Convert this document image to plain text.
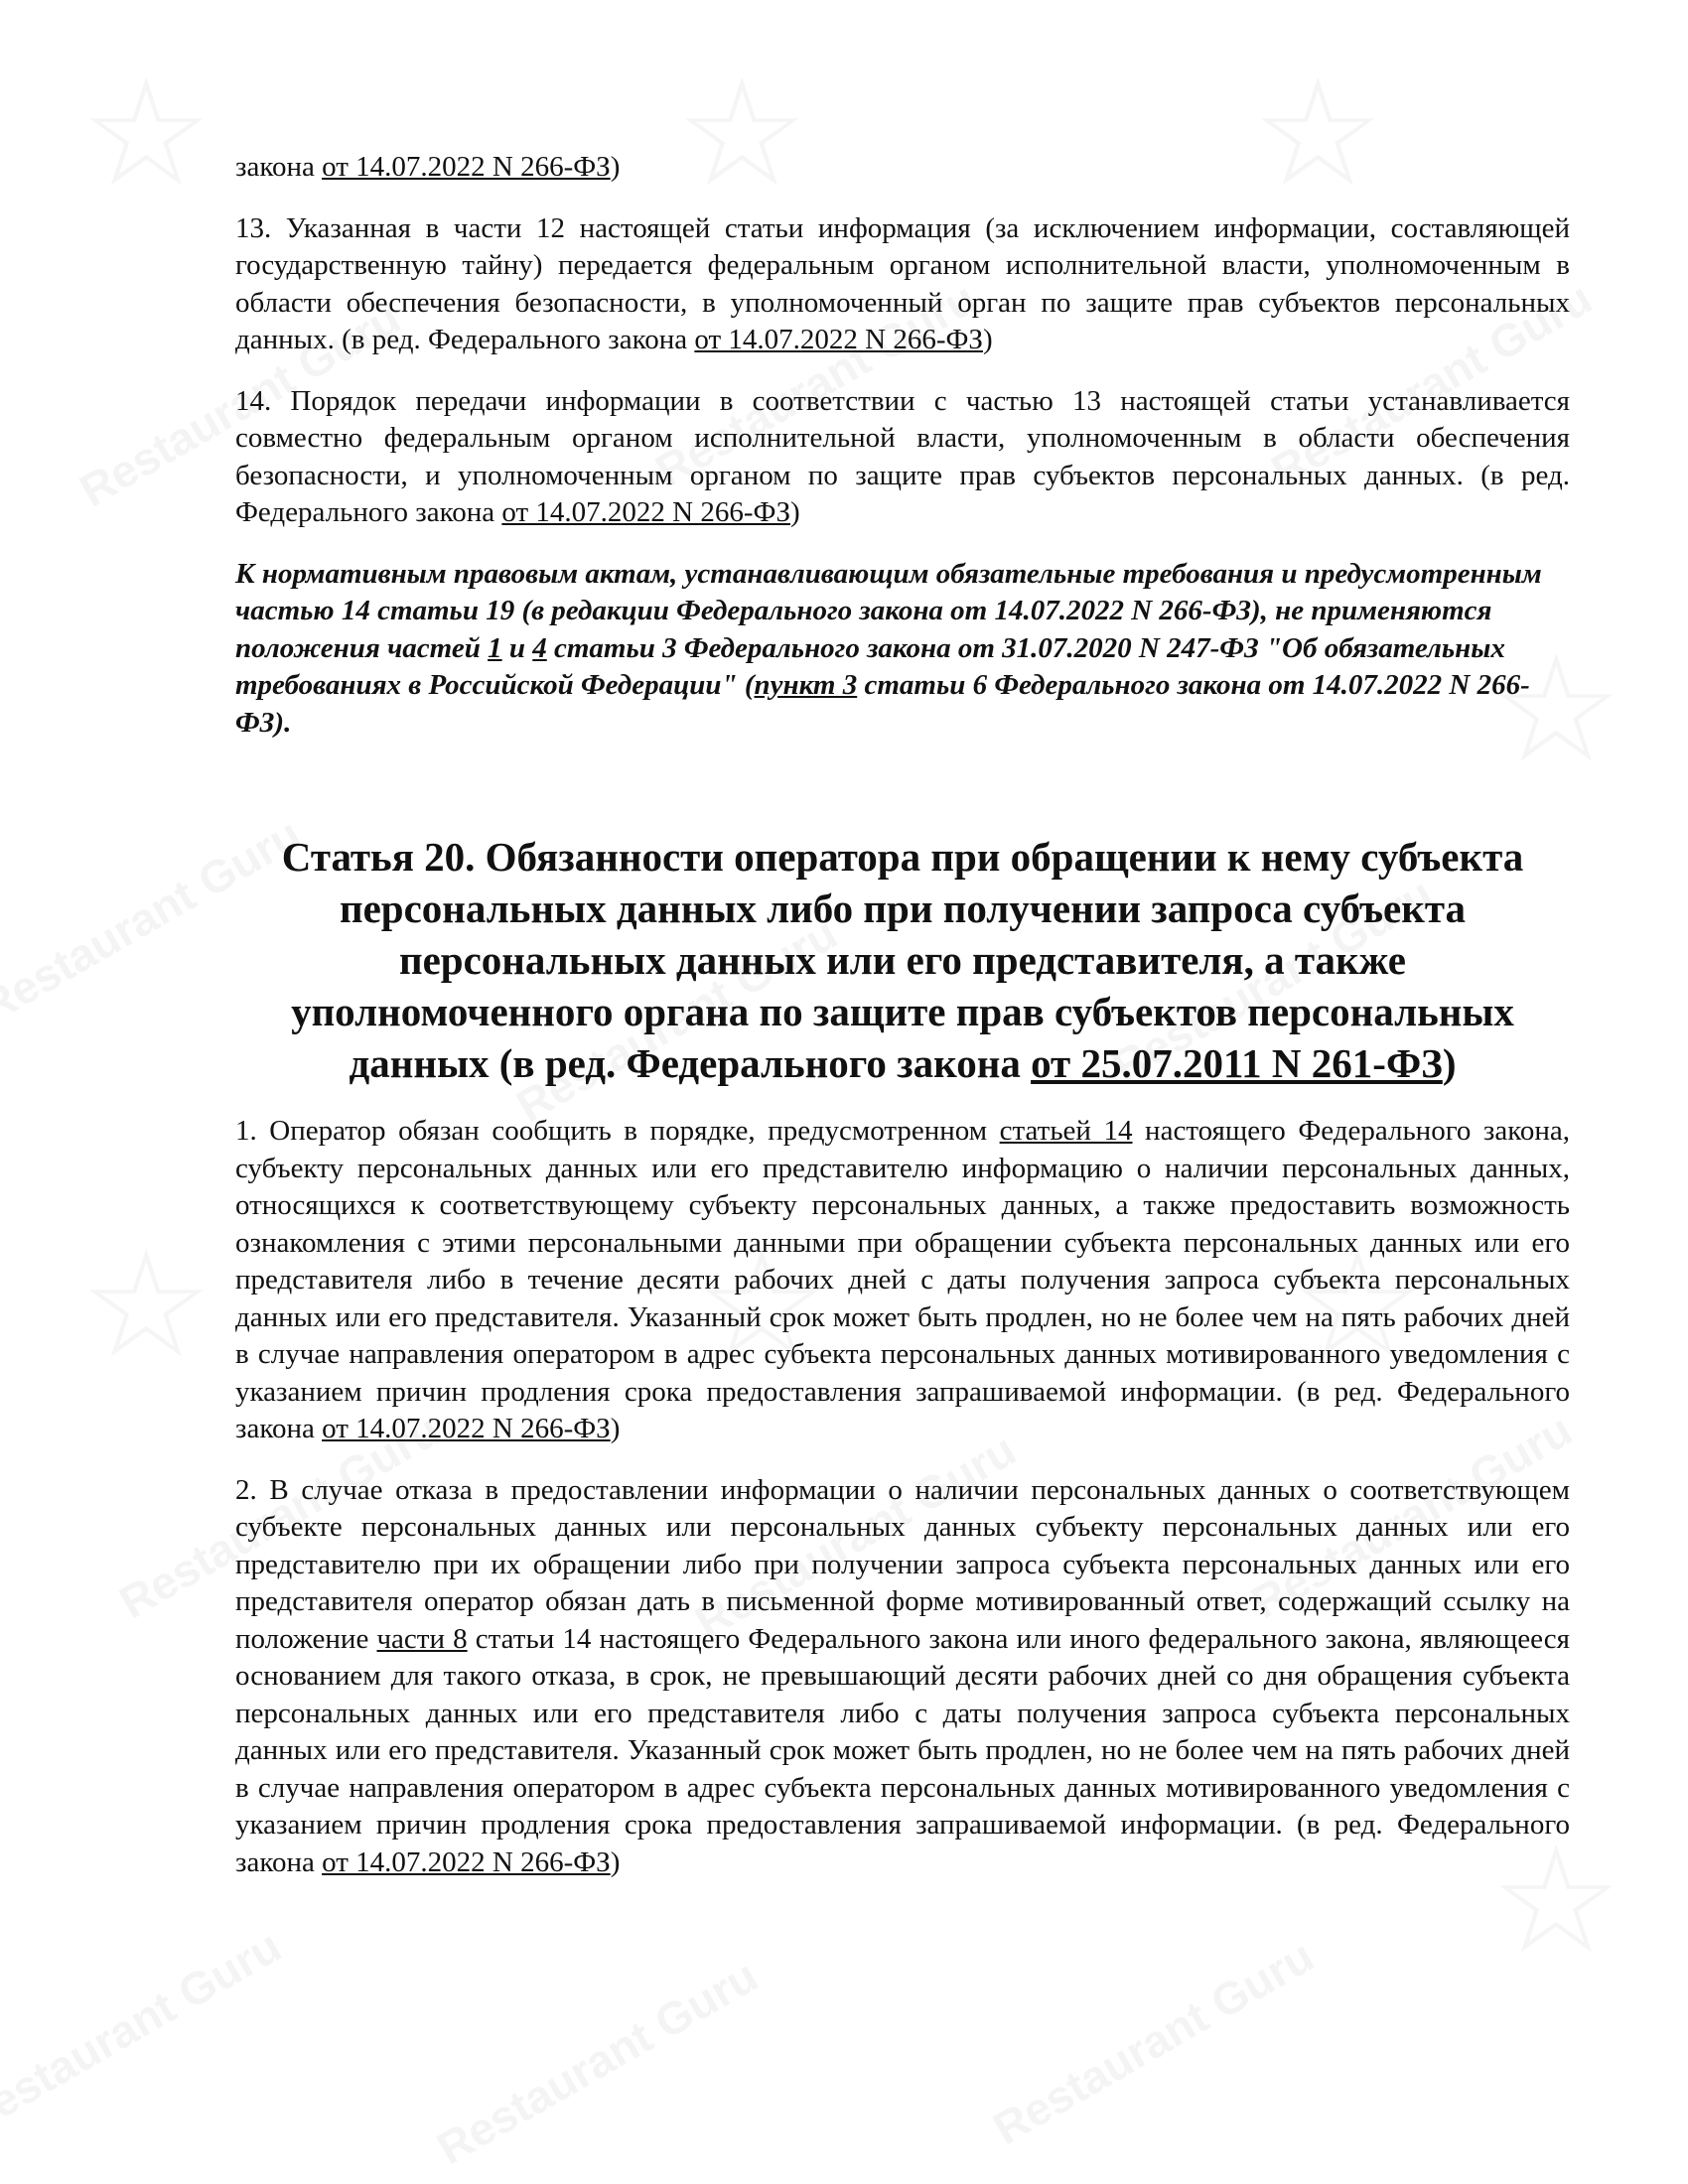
закона от 14.07.2022 N 266-ФЗ)

13. Указанная в части 12 настоящей статьи информация (за исключением информации, составляющей государственную тайну) передается федеральным органом исполнительной власти, уполномоченным в области обеспечения безопасности, в уполномоченный орган по защите прав субъектов персональных данных. (в ред. Федерального закона от 14.07.2022 N 266-ФЗ)

14. Порядок передачи информации в соответствии с частью 13 настоящей статьи устанавливается совместно федеральным органом исполнительной власти, уполномоченным в области обеспечения безопасности, и уполномоченным органом по защите прав субъектов персональных данных. (в ред. Федерального закона от 14.07.2022 N 266-ФЗ)

К нормативным правовым актам, устанавливающим обязательные требования и предусмотренным частью 14 статьи 19 (в редакции Федерального закона от 14.07.2022 N 266-ФЗ), не применяются положения частей 1 и 4 статьи 3 Федерального закона от 31.07.2020 N 247-ФЗ "Об обязательных требованиях в Российской Федерации" (пункт 3 статьи 6 Федерального закона от 14.07.2022 N 266-ФЗ).

Статья 20. Обязанности оператора при обращении к нему субъекта персональных данных либо при получении запроса субъекта персональных данных или его представителя, а также уполномоченного органа по защите прав субъектов персональных данных (в ред. Федерального закона от 25.07.2011 N 261-ФЗ)

1. Оператор обязан сообщить в порядке, предусмотренном статьей 14 настоящего Федерального закона, субъекту персональных данных или его представителю информацию о наличии персональных данных, относящихся к соответствующему субъекту персональных данных, а также предоставить возможность ознакомления с этими персональными данными при обращении субъекта персональных данных или его представителя либо в течение десяти рабочих дней с даты получения запроса субъекта персональных данных или его представителя. Указанный срок может быть продлен, но не более чем на пять рабочих дней в случае направления оператором в адрес субъекта персональных данных мотивированного уведомления с указанием причин продления срока предоставления запрашиваемой информации. (в ред. Федерального закона от 14.07.2022 N 266-ФЗ)

2. В случае отказа в предоставлении информации о наличии персональных данных о соответствующем субъекте персональных данных или персональных данных субъекту персональных данных или его представителю при их обращении либо при получении запроса субъекта персональных данных или его представителя оператор обязан дать в письменной форме мотивированный ответ, содержащий ссылку на положение части 8 статьи 14 настоящего Федерального закона или иного федерального закона, являющееся основанием для такого отказа, в срок, не превышающий десяти рабочих дней со дня обращения субъекта персональных данных или его представителя либо с даты получения запроса субъекта персональных данных или его представителя. Указанный срок может быть продлен, но не более чем на пять рабочих дней в случае направления оператором в адрес субъекта персональных данных мотивированного уведомления с указанием причин продления срока предоставления запрашиваемой информации. (в ред. Федерального закона от 14.07.2022 N 266-ФЗ)
